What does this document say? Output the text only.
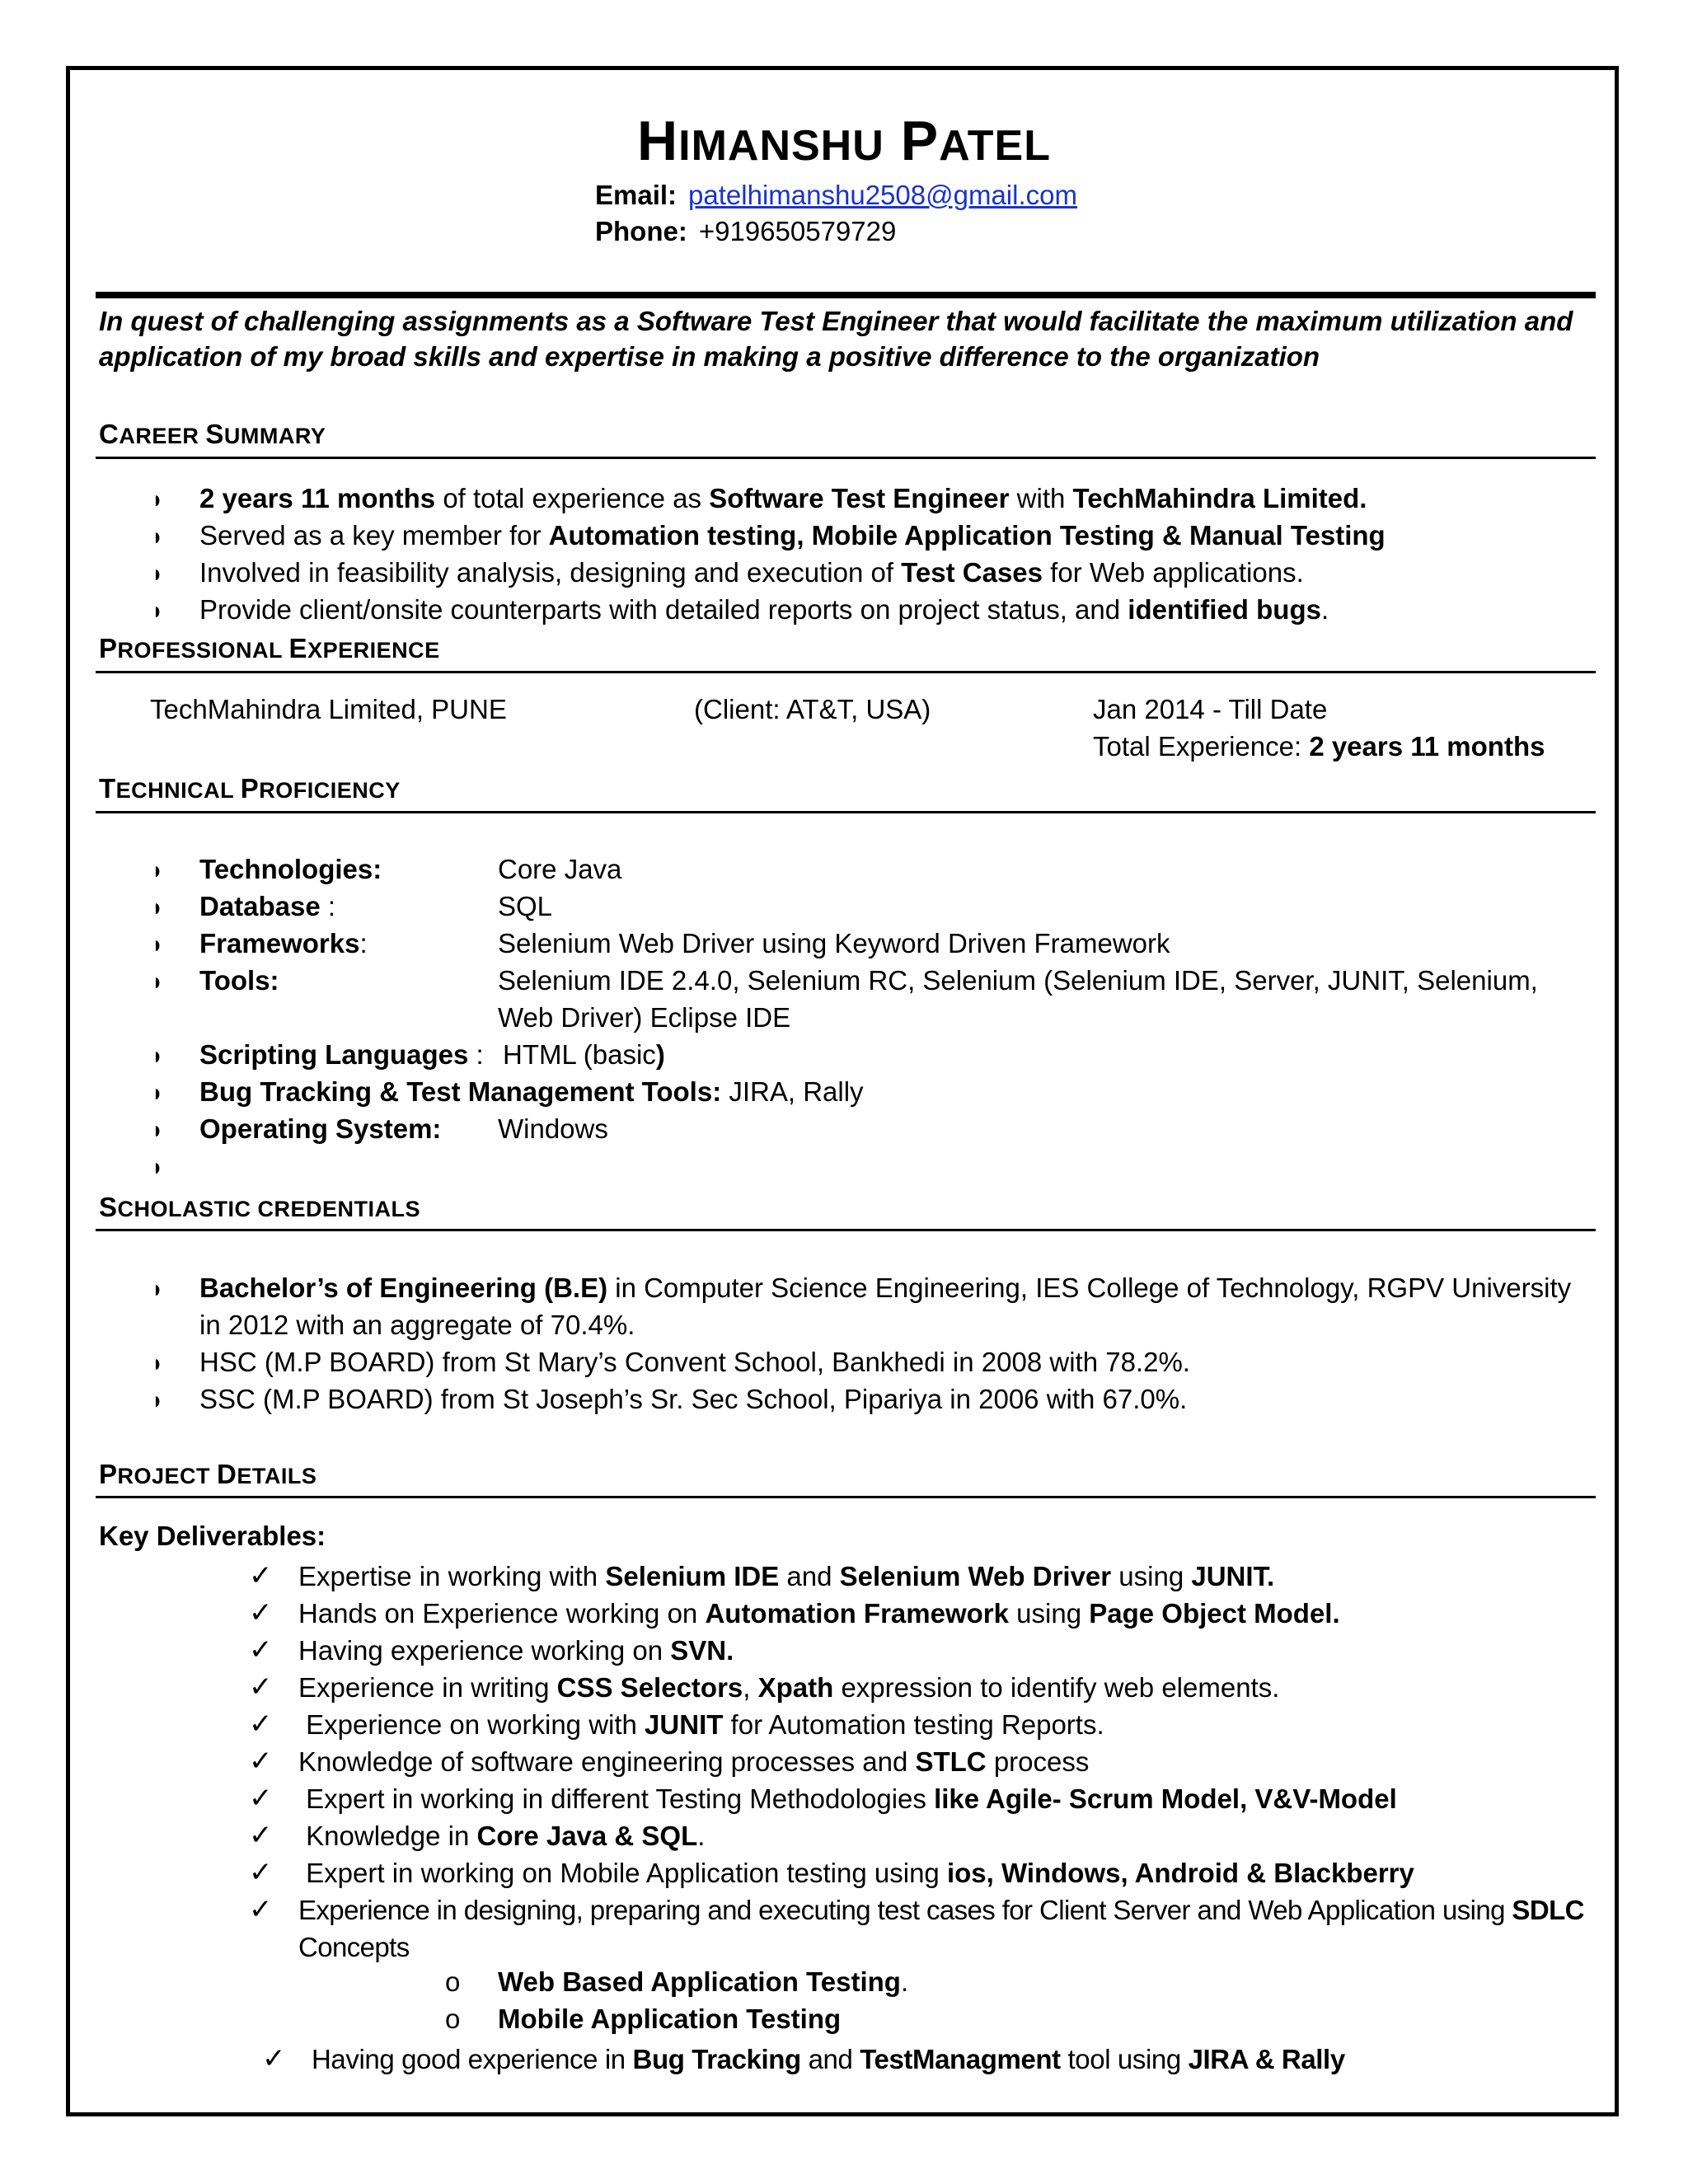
HIMANSHU PATEL
Email: patelhimanshu2508@gmail.com
Phone: +919650579729
In quest of challenging assignments as a Software Test Engineer that would facilitate the maximum utilization and application of my broad skills and expertise in making a positive difference to the organization
CAREER SUMMARY
◗ 2 years 11 months of total experience as Software Test Engineer with TechMahindra Limited.
◗ Served as a key member for Automation testing, Mobile Application Testing & Manual Testing
◗ Involved in feasibility analysis, designing and execution of Test Cases for Web applications.
◗ Provide client/onsite counterparts with detailed reports on project status, and identified bugs.
PROFESSIONAL EXPERIENCE
TechMahindra Limited, PUNE	(Client: AT&T, USA)	Jan 2014 - Till Date
Total Experience: 2 years 11 months
TECHNICAL PROFICIENCY
◗ Technologies:	Core Java
◗ Database :	SQL
◗ Frameworks:	Selenium Web Driver using Keyword Driven Framework
◗ Tools:	Selenium IDE 2.4.0, Selenium RC, Selenium (Selenium IDE, Server, JUNIT, Selenium, Web Driver) Eclipse IDE
◗ Scripting Languages : HTML (basic)
◗ Bug Tracking & Test Management Tools: JIRA, Rally
◗ Operating System: Windows
◗
SCHOLASTIC CREDENTIALS
◗ Bachelor’s of Engineering (B.E) in Computer Science Engineering, IES College of Technology, RGPV University in 2012 with an aggregate of 70.4%.
◗ HSC (M.P BOARD) from St Mary’s Convent School, Bankhedi in 2008 with 78.2%.
◗ SSC (M.P BOARD) from St Joseph’s Sr. Sec School, Pipariya in 2006 with 67.0%.
PROJECT DETAILS
Key Deliverables:
✓ Expertise in working with Selenium IDE and Selenium Web Driver using JUNIT.
✓ Hands on Experience working on Automation Framework using Page Object Model.
✓ Having experience working on SVN.
✓ Experience in writing CSS Selectors, Xpath expression to identify web elements.
✓ Experience on working with JUNIT for Automation testing Reports.
✓ Knowledge of software engineering processes and STLC process
✓ Expert in working in different Testing Methodologies like Agile- Scrum Model, V&V-Model
✓ Knowledge in Core Java & SQL.
✓ Expert in working on Mobile Application testing using ios, Windows, Android & Blackberry
✓ Experience in designing, preparing and executing test cases for Client Server and Web Application using SDLC Concepts
o Web Based Application Testing.
o Mobile Application Testing
✓ Having good experience in Bug Tracking and TestManagment tool using JIRA & Rally
